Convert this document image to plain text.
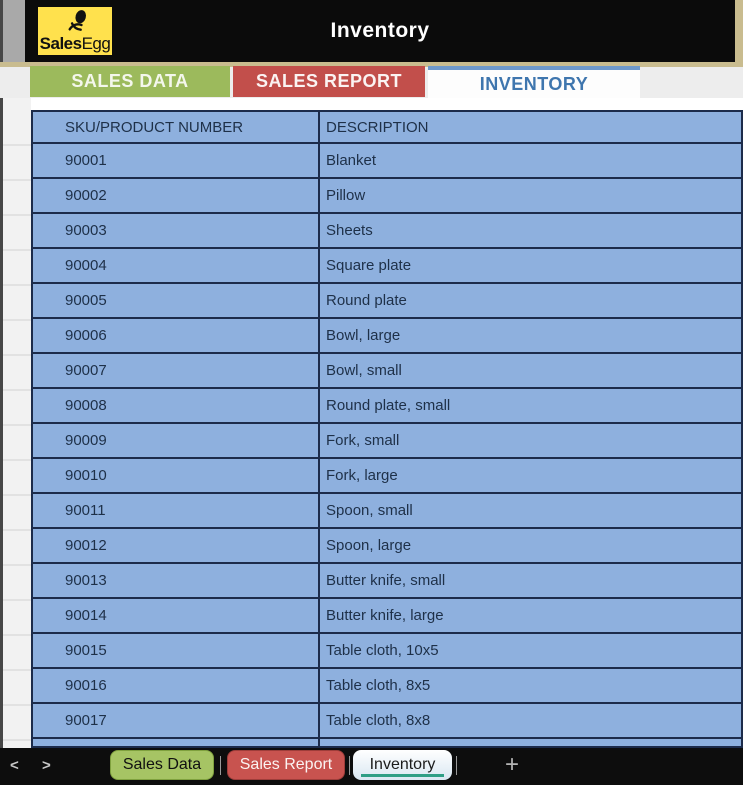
SalesEgg
Inventory
SALES DATA	SALES REPORT	INVENTORY
SKU/PRODUCT NUMBER	DESCRIPTION
90001	Blanket
90002	Pillow
90003	Sheets
90004	Square plate
90005	Round plate
90006	Bowl, large
90007	Bowl, small
90008	Round plate, small
90009	Fork, small
90010	Fork, large
90011	Spoon, small
90012	Spoon, large
90013	Butter knife, small
90014	Butter knife, large
90015	Table cloth, 10x5
90016	Table cloth, 8x5
90017	Table cloth, 8x8
< >	Sales Data	Sales Report	Inventory	+
